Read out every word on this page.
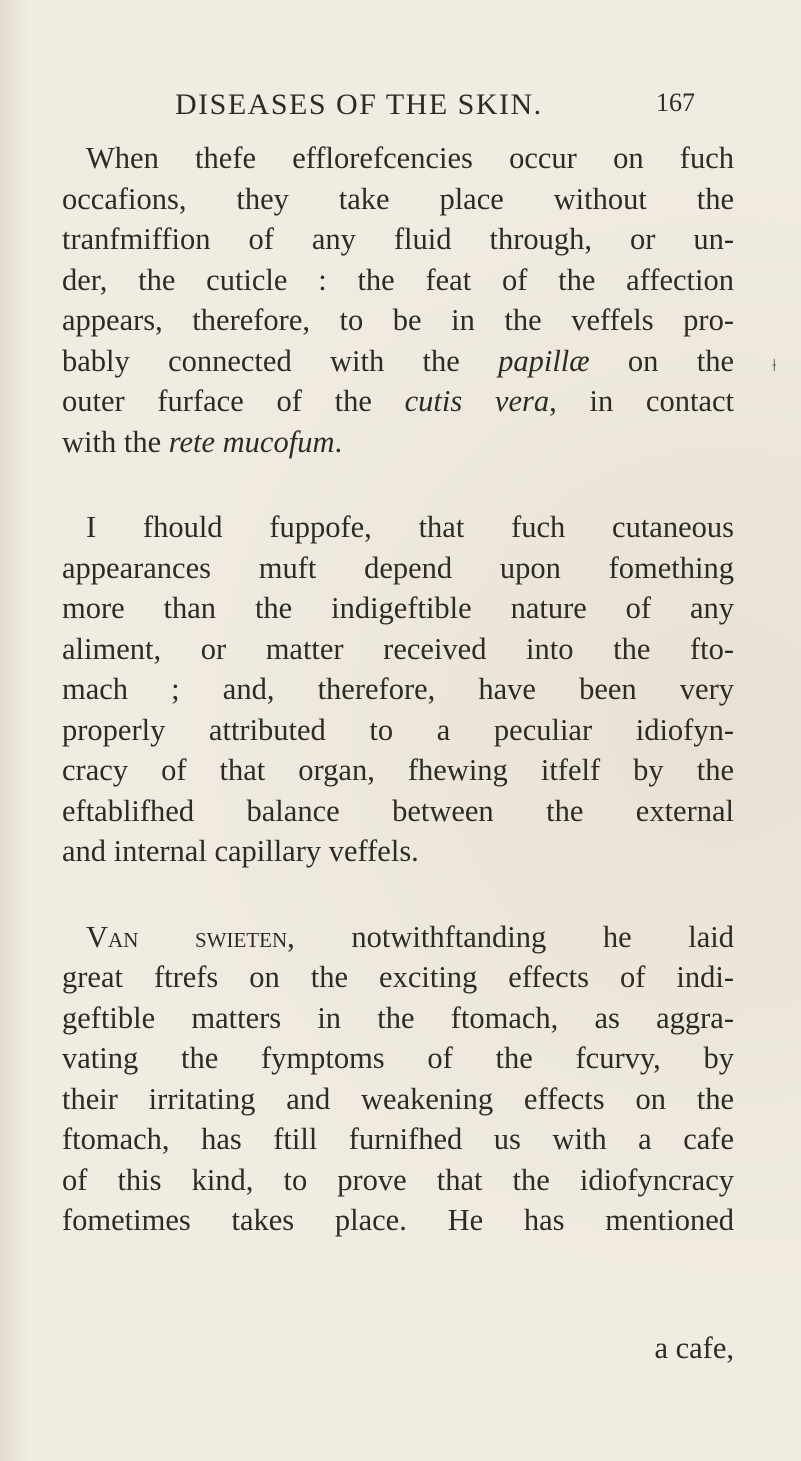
DISEASES OF THE SKIN.	167
⟊
When thefe efflorefcencies occur on fuch
occafions, they take place without the
tranfmiffion of any fluid through, or un-
der, the cuticle : the feat of the affection
appears, therefore, to be in the veffels pro-
bably connected with the papillæ on the
outer furface of the cutis vera, in contact
with the rete mucofum.
I fhould fuppofe, that fuch cutaneous
appearances muft depend upon fomething
more than the indigeftible nature of any
aliment, or matter received into the fto-
mach ; and, therefore, have been very
properly attributed to a peculiar idiofyn-
cracy of that organ, fhewing itfelf by the
eftablifhed balance between the external
and internal capillary veffels.
Van swieten, notwithftanding he laid
great ftrefs on the exciting effects of indi-
geftible matters in the ftomach, as aggra-
vating the fymptoms of the fcurvy, by
their irritating and weakening effects on the
ftomach, has ftill furnifhed us with a cafe
of this kind, to prove that the idiofyncracy
fometimes takes place. He has mentioned
a cafe,
